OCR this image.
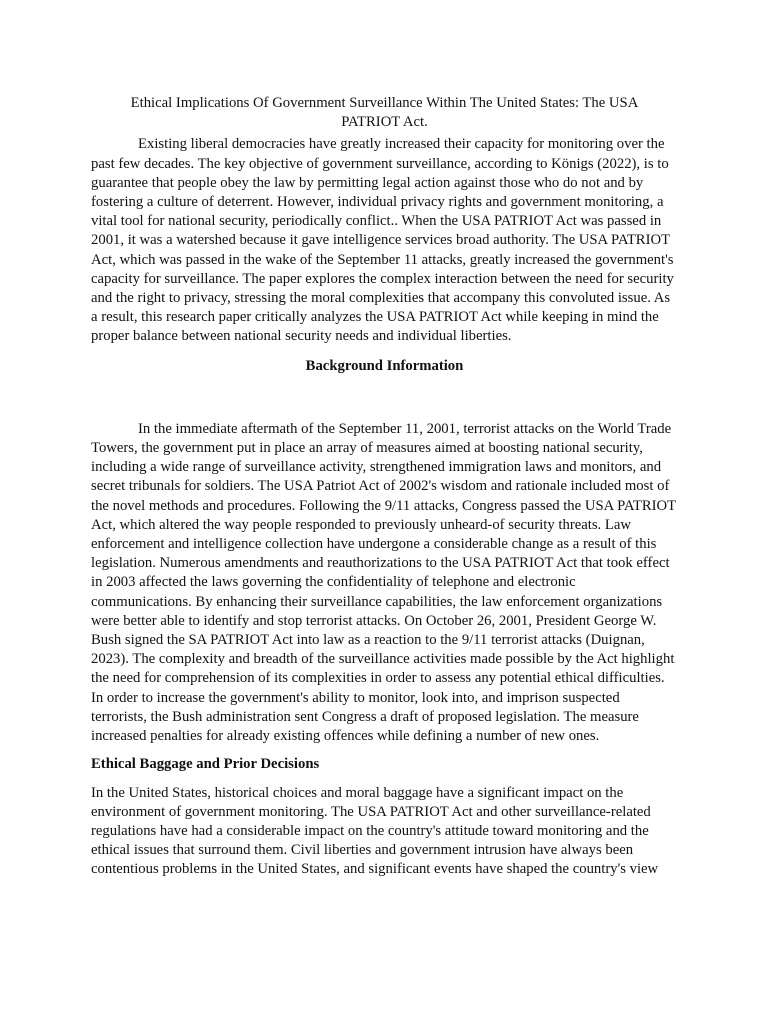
Ethical Implications Of Government Surveillance Within The United States: The USA PATRIOT Act.

Existing liberal democracies have greatly increased their capacity for monitoring over the past few decades. The key objective of government surveillance, according to Königs (2022), is to guarantee that people obey the law by permitting legal action against those who do not and by fostering a culture of deterrent. However, individual privacy rights and government monitoring, a vital tool for national security, periodically conflict.. When the USA PATRIOT Act was passed in 2001, it was a watershed because it gave intelligence services broad authority. The USA PATRIOT Act, which was passed in the wake of the September 11 attacks, greatly increased the government's capacity for surveillance. The paper explores the complex interaction between the need for security and the right to privacy, stressing the moral complexities that accompany this convoluted issue. As a result, this research paper critically analyzes the USA PATRIOT Act while keeping in mind the proper balance between national security needs and individual liberties.

Background Information

In the immediate aftermath of the September 11, 2001, terrorist attacks on the World Trade Towers, the government put in place an array of measures aimed at boosting national security, including a wide range of surveillance activity, strengthened immigration laws and monitors, and secret tribunals for soldiers. The USA Patriot Act of 2002's wisdom and rationale included most of the novel methods and procedures. Following the 9/11 attacks, Congress passed the USA PATRIOT Act, which altered the way people responded to previously unheard-of security threats. Law enforcement and intelligence collection have undergone a considerable change as a result of this legislation. Numerous amendments and reauthorizations to the USA PATRIOT Act that took effect in 2003 affected the laws governing the confidentiality of telephone and electronic communications. By enhancing their surveillance capabilities, the law enforcement organizations were better able to identify and stop terrorist attacks. On October 26, 2001, President George W. Bush signed the SA PATRIOT Act into law as a reaction to the 9/11 terrorist attacks (Duignan, 2023). The complexity and breadth of the surveillance activities made possible by the Act highlight the need for comprehension of its complexities in order to assess any potential ethical difficulties. In order to increase the government's ability to monitor, look into, and imprison suspected terrorists, the Bush administration sent Congress a draft of proposed legislation. The measure increased penalties for already existing offences while defining a number of new ones.

Ethical Baggage and Prior Decisions

In the United States, historical choices and moral baggage have a significant impact on the environment of government monitoring. The USA PATRIOT Act and other surveillance-related regulations have had a considerable impact on the country's attitude toward monitoring and the ethical issues that surround them. Civil liberties and government intrusion have always been contentious problems in the United States, and significant events have shaped the country's view
